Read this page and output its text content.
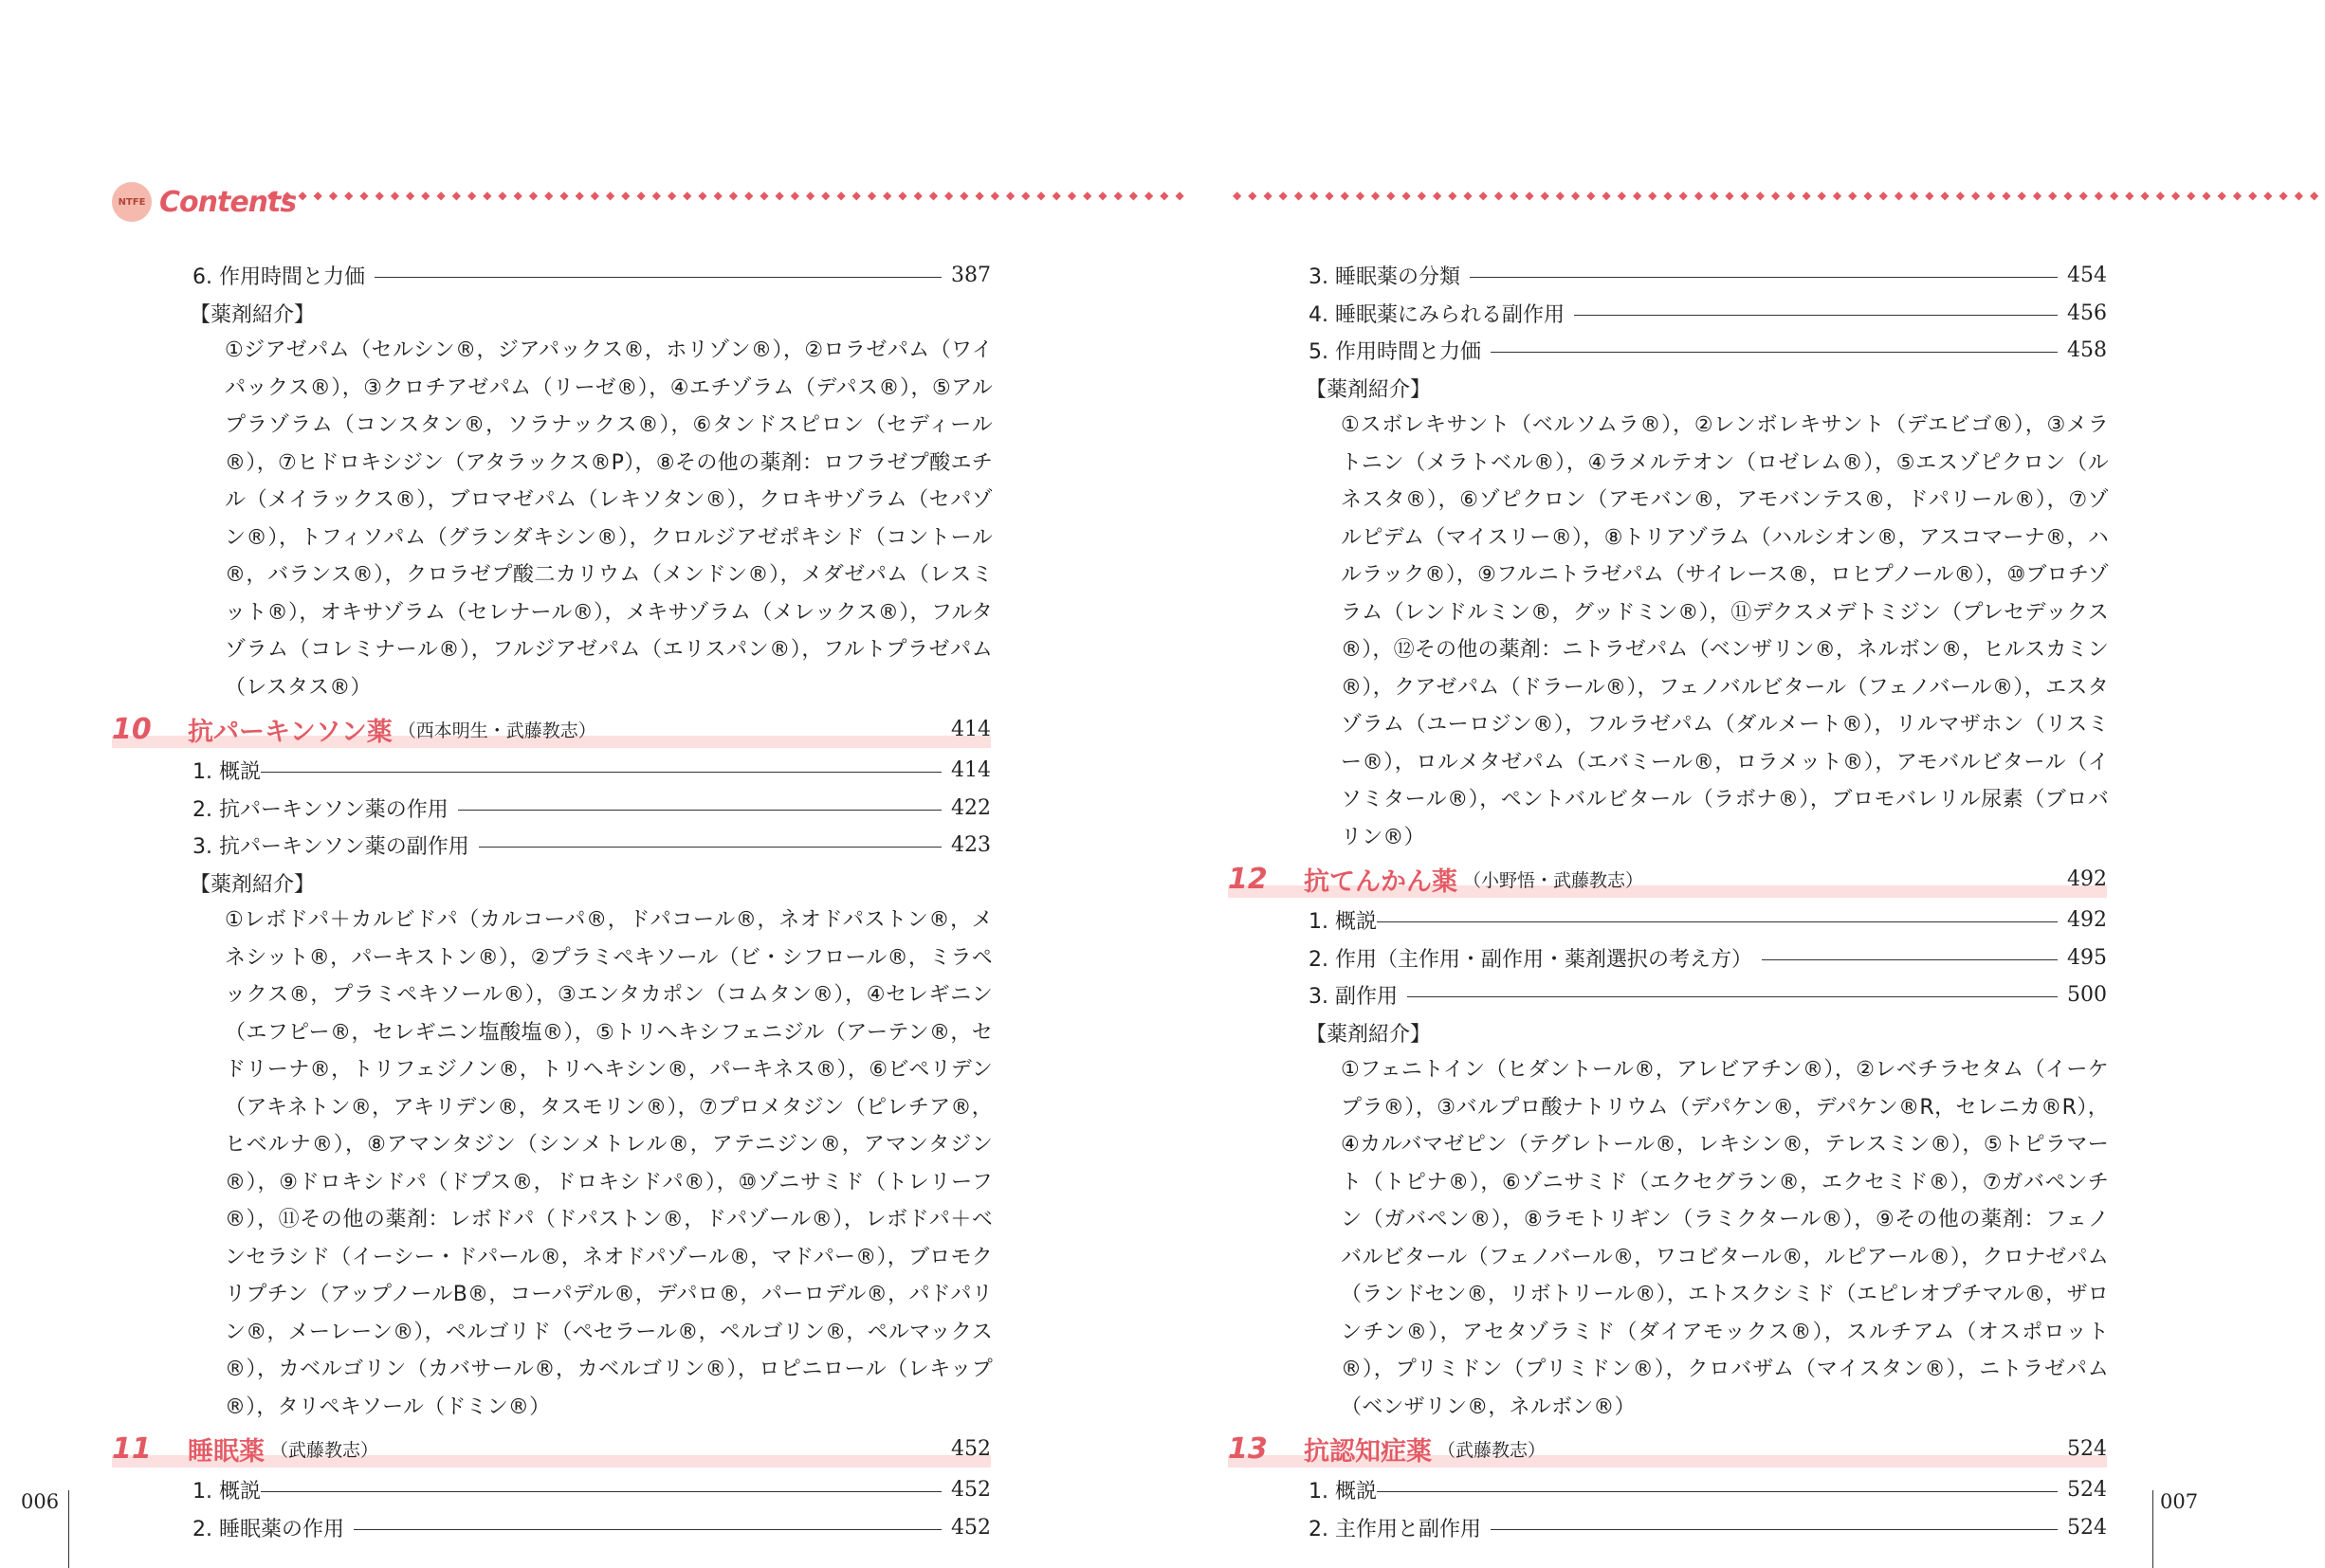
NTFE Contents
◆◆◆◆◆◆◆◆◆◆◆◆◆◆◆◆◆◆◆◆◆◆◆◆◆◆◆◆◆◆◆◆◆◆◆◆◆◆◆◆◆◆◆◆◆◆◆◆◆◆◆◆◆◆◆◆◆◆◆◆
6. 作用時間と力価	387
【薬剤紹介】
①ジアゼパム（セルシン®，ジアパックス®，ホリゾン®），②ロラゼパム（ワイパックス®），③クロチアゼパム（リーゼ®），④エチゾラム（デパス®），⑤アルプラゾラム（コンスタン®，ソラナックス®），⑥タンドスピロン（セディール®），⑦ヒドロキシジン（アタラックス®P），⑧その他の薬剤：ロフラゼプ酸エチル（メイラックス®），ブロマゼパム（レキソタン®），クロキサゾラム（セパゾン®），トフィソパム（グランダキシン®），クロルジアゼポキシド（コントール®，バランス®），クロラゼプ酸二カリウム（メンドン®），メダゼパム（レスミット®），オキサゾラム（セレナール®），メキサゾラム（メレックス®），フルタゾラム（コレミナール®），フルジアゼパム（エリスパン®），フルトプラゼパム（レスタス®）
10	抗パーキンソン薬 （西本明生・武藤教志）	414
1. 概説	414
2. 抗パーキンソン薬の作用	422
3. 抗パーキンソン薬の副作用	423
【薬剤紹介】
①レボドパ＋カルビドパ（カルコーパ®，ドパコール®，ネオドパストン®，メネシット®，パーキストン®），②プラミペキソール（ビ・シフロール®，ミラペックス®，プラミペキソール®），③エンタカポン（コムタン®），④セレギニン（エフピー®，セレギニン塩酸塩®），⑤トリヘキシフェニジル（アーテン®，セドリーナ®，トリフェジノン®，トリヘキシン®，パーキネス®），⑥ビペリデン（アキネトン®，アキリデン®，タスモリン®），⑦プロメタジン（ピレチア®，ヒベルナ®），⑧アマンタジン（シンメトレル®，アテニジン®，アマンタジン®），⑨ドロキシドパ（ドプス®，ドロキシドパ®），⑩ゾニサミド（トレリーフ®），⑪その他の薬剤：レボドパ（ドパストン®，ドパゾール®），レボドパ＋ベンセラシド（イーシー・ドパール®，ネオドパゾール®，マドパー®），ブロモクリプチン（アップノールB®，コーパデル®，デパロ®，パーロデル®，パドパリン®，メーレーン®），ペルゴリド（ペセラール®，ペルゴリン®，ペルマックス®），カベルゴリン（カバサール®，カベルゴリン®），ロピニロール（レキップ®），タリペキソール（ドミン®）
11	睡眠薬 （武藤教志）	452
1. 概説	452
2. 睡眠薬の作用	452
006
◆◆◆◆◆◆◆◆◆◆◆◆◆◆◆◆◆◆◆◆◆◆◆◆◆◆◆◆◆◆◆◆◆◆◆◆◆◆◆◆◆◆◆◆◆◆◆◆◆◆◆◆◆◆◆◆◆◆◆◆◆◆◆◆◆◆◆◆◆◆◆
3. 睡眠薬の分類	454
4. 睡眠薬にみられる副作用	456
5. 作用時間と力価	458
【薬剤紹介】
①スボレキサント（ベルソムラ®），②レンボレキサント（デエビゴ®），③メラトニン（メラトベル®），④ラメルテオン（ロゼレム®），⑤エスゾピクロン（ルネスタ®），⑥ゾピクロン（アモバン®，アモバンテス®，ドパリール®），⑦ゾルピデム（マイスリー®），⑧トリアゾラム（ハルシオン®，アスコマーナ®，ハルラック®），⑨フルニトラゼパム（サイレース®，ロヒプノール®），⑩ブロチゾラム（レンドルミン®，グッドミン®），⑪デクスメデトミジン（プレセデックス®），⑫その他の薬剤：ニトラゼパム（ベンザリン®，ネルボン®，ヒルスカミン®），クアゼパム（ドラール®），フェノバルビタール（フェノバール®），エスタゾラム（ユーロジン®），フルラゼパム（ダルメート®），リルマザホン（リスミー®），ロルメタゼパム（エバミール®，ロラメット®），アモバルビタール（イソミタール®），ペントバルビタール（ラボナ®），ブロモバレリル尿素（ブロバリン®）
12	抗てんかん薬 （小野悟・武藤教志）	492
1. 概説	492
2. 作用（主作用・副作用・薬剤選択の考え方）	495
3. 副作用	500
【薬剤紹介】
①フェニトイン（ヒダントール®，アレビアチン®），②レベチラセタム（イーケプラ®），③バルプロ酸ナトリウム（デパケン®，デパケン®R，セレニカ®R），④カルバマゼピン（テグレトール®，レキシン®，テレスミン®），⑤トピラマート（トピナ®），⑥ゾニサミド（エクセグラン®，エクセミド®），⑦ガバペンチン（ガバペン®），⑧ラモトリギン（ラミクタール®），⑨その他の薬剤：フェノバルビタール（フェノバール®，ワコビタール®，ルピアール®），クロナゼパム（ランドセン®，リボトリール®），エトスクシミド（エピレオプチマル®，ザロンチン®），アセタゾラミド（ダイアモックス®），スルチアム（オスポロット®），プリミドン（プリミドン®），クロバザム（マイスタン®），ニトラゼパム（ベンザリン®，ネルボン®）
13	抗認知症薬 （武藤教志）	524
1. 概説	524
2. 主作用と副作用	524
007
